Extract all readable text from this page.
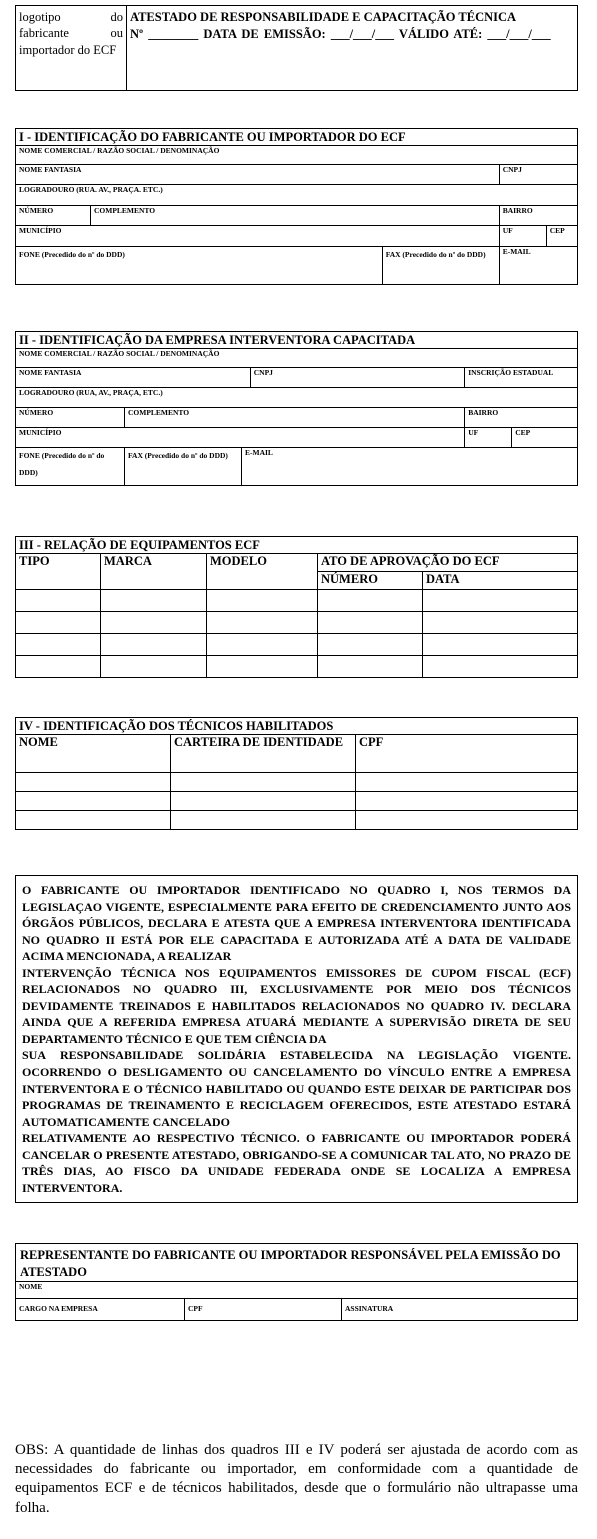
logotipo do fabricante ou importador do ECF	
ATESTADO DE RESPONSABILIDADE E CAPACITAÇÃO TÉCNICA
Nº ________ DATA DE EMISSÃO: ___/___/___ VÁLIDO ATÉ: ___/___/___
I - IDENTIFICAÇÃO DO FABRICANTE OU IMPORTADOR DO ECF
NOME COMERCIAL / RAZÃO SOCIAL / DENOMINAÇÃO				
NOME FANTASIA			CNPJ	
LOGRADOURO (RUA. AV., PRAÇA. ETC.)				
NÚMERO	COMPLEMENTO		BAIRRO	
MUNICÍPIO			UF	CEP
FONE (Precedido do nº do DDD)		FAX (Precedido do nº do DDD)	E-MAIL	
II - IDENTIFICAÇÃO DA EMPRESA INTERVENTORA CAPACITADA
NOME COMERCIAL / RAZÃO SOCIAL / DENOMINAÇÃO					
NOME FANTASIA			CNPJ	INSCRIÇÃO ESTADUAL	
LOGRADOURO (RUA, AV., PRAÇA, ETC.)					
NÚMERO	COMPLEMENTO			BAIRRO	
MUNICÍPIO				UF	CEP
FONE (Precedido do nº do DDD)	FAX (Precedido do nº do DDD)	E-MAIL			
III - RELAÇÃO DE EQUIPAMENTOS ECF
TIPO	MARCA	MODELO	ATO DE APROVAÇÃO DO ECF	
			NÚMERO	DATA

IV - IDENTIFICAÇÃO DOS TÉCNICOS HABILITADOS
NOME	CARTEIRA DE IDENTIDADE	CPF

O FABRICANTE OU IMPORTADOR IDENTIFICADO NO QUADRO I, NOS TERMOS DA LEGISLAÇAO VIGENTE, ESPECIALMENTE PARA EFEITO DE CREDENCIAMENTO JUNTO AOS ÓRGÃOS PÚBLICOS, DECLARA E ATESTA QUE A EMPRESA INTERVENTORA IDENTIFICADA NO QUADRO II ESTÁ POR ELE CAPACITADA E AUTORIZADA ATÉ A DATA DE VALIDADE ACIMA MENCIONADA, A REALIZAR

INTERVENÇÃO TÉCNICA NOS EQUIPAMENTOS EMISSORES DE CUPOM FISCAL (ECF) RELACIONADOS NO QUADRO III, EXCLUSIVAMENTE POR MEIO DOS TÉCNICOS DEVIDAMENTE TREINADOS E HABILITADOS RELACIONADOS NO QUADRO IV. DECLARA AINDA QUE A REFERIDA EMPRESA ATUARÁ MEDIANTE A SUPERVISÃO DIRETA DE SEU DEPARTAMENTO TÉCNICO E QUE TEM CIÊNCIA DA

SUA RESPONSABILIDADE SOLIDÁRIA ESTABELECIDA NA LEGISLAÇÃO VIGENTE. OCORRENDO O DESLIGAMENTO OU CANCELAMENTO DO VÍNCULO ENTRE A EMPRESA INTERVENTORA E O TÉCNICO HABILITADO OU QUANDO ESTE DEIXAR DE PARTICIPAR DOS PROGRAMAS DE TREINAMENTO E RECICLAGEM OFERECIDOS, ESTE ATESTADO ESTARÁ AUTOMATICAMENTE CANCELADO

RELATIVAMENTE AO RESPECTIVO TÉCNICO. O FABRICANTE OU IMPORTADOR PODERÁ CANCELAR O PRESENTE ATESTADO, OBRIGANDO-SE A COMUNICAR TAL ATO, NO PRAZO DE TRÊS DIAS, AO FISCO DA UNIDADE FEDERADA ONDE SE LOCALIZA A EMPRESA INTERVENTORA.

REPRESENTANTE DO FABRICANTE OU IMPORTADOR RESPONSÁVEL PELA EMISSÃO DO ATESTADO
NOME
CARGO NA EMPRESA	CPF	ASSINATURA
OBS: A quantidade de linhas dos quadros III e IV poderá ser ajustada de acordo com as necessidades do fabricante ou importador, em conformidade com a quantidade de equipamentos ECF e de técnicos habilitados, desde que o formulário não ultrapasse uma folha.
